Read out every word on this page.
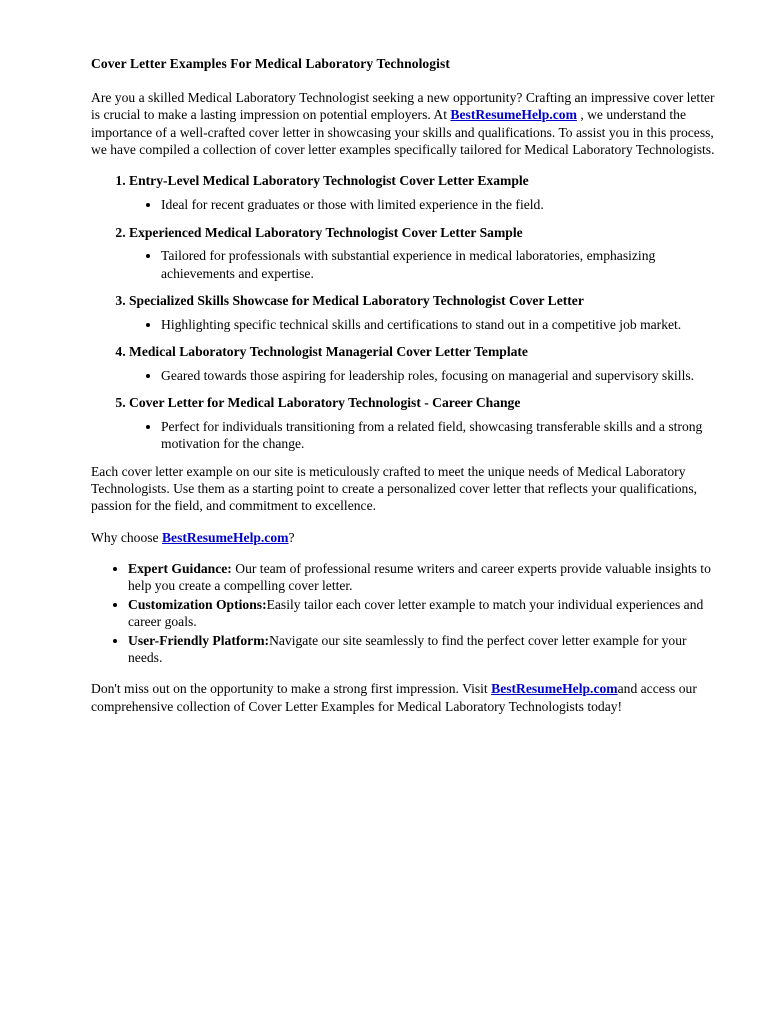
Cover Letter Examples For Medical Laboratory Technologist

Are you a skilled Medical Laboratory Technologist seeking a new opportunity? Crafting an impressive cover letter is crucial to make a lasting impression on potential employers. At BestResumeHelp.com , we understand the importance of a well-crafted cover letter in showcasing your skills and qualifications. To assist you in this process, we have compiled a collection of cover letter examples specifically tailored for Medical Laboratory Technologists.

1. Entry-Level Medical Laboratory Technologist Cover Letter Example
• Ideal for recent graduates or those with limited experience in the field.
2. Experienced Medical Laboratory Technologist Cover Letter Sample
• Tailored for professionals with substantial experience in medical laboratories, emphasizing achievements and expertise.
3. Specialized Skills Showcase for Medical Laboratory Technologist Cover Letter
• Highlighting specific technical skills and certifications to stand out in a competitive job market.
4. Medical Laboratory Technologist Managerial Cover Letter Template
• Geared towards those aspiring for leadership roles, focusing on managerial and supervisory skills.
5. Cover Letter for Medical Laboratory Technologist - Career Change
• Perfect for individuals transitioning from a related field, showcasing transferable skills and a strong motivation for the change.

Each cover letter example on our site is meticulously crafted to meet the unique needs of Medical Laboratory Technologists. Use them as a starting point to create a personalized cover letter that reflects your qualifications, passion for the field, and commitment to excellence.

Why choose BestResumeHelp.com?

• Expert Guidance: Our team of professional resume writers and career experts provide valuable insights to help you create a compelling cover letter.
• Customization Options:Easily tailor each cover letter example to match your individual experiences and career goals.
• User-Friendly Platform:Navigate our site seamlessly to find the perfect cover letter example for your needs.

Don't miss out on the opportunity to make a strong first impression. Visit BestResumeHelp.comand access our comprehensive collection of Cover Letter Examples for Medical Laboratory Technologists today!
